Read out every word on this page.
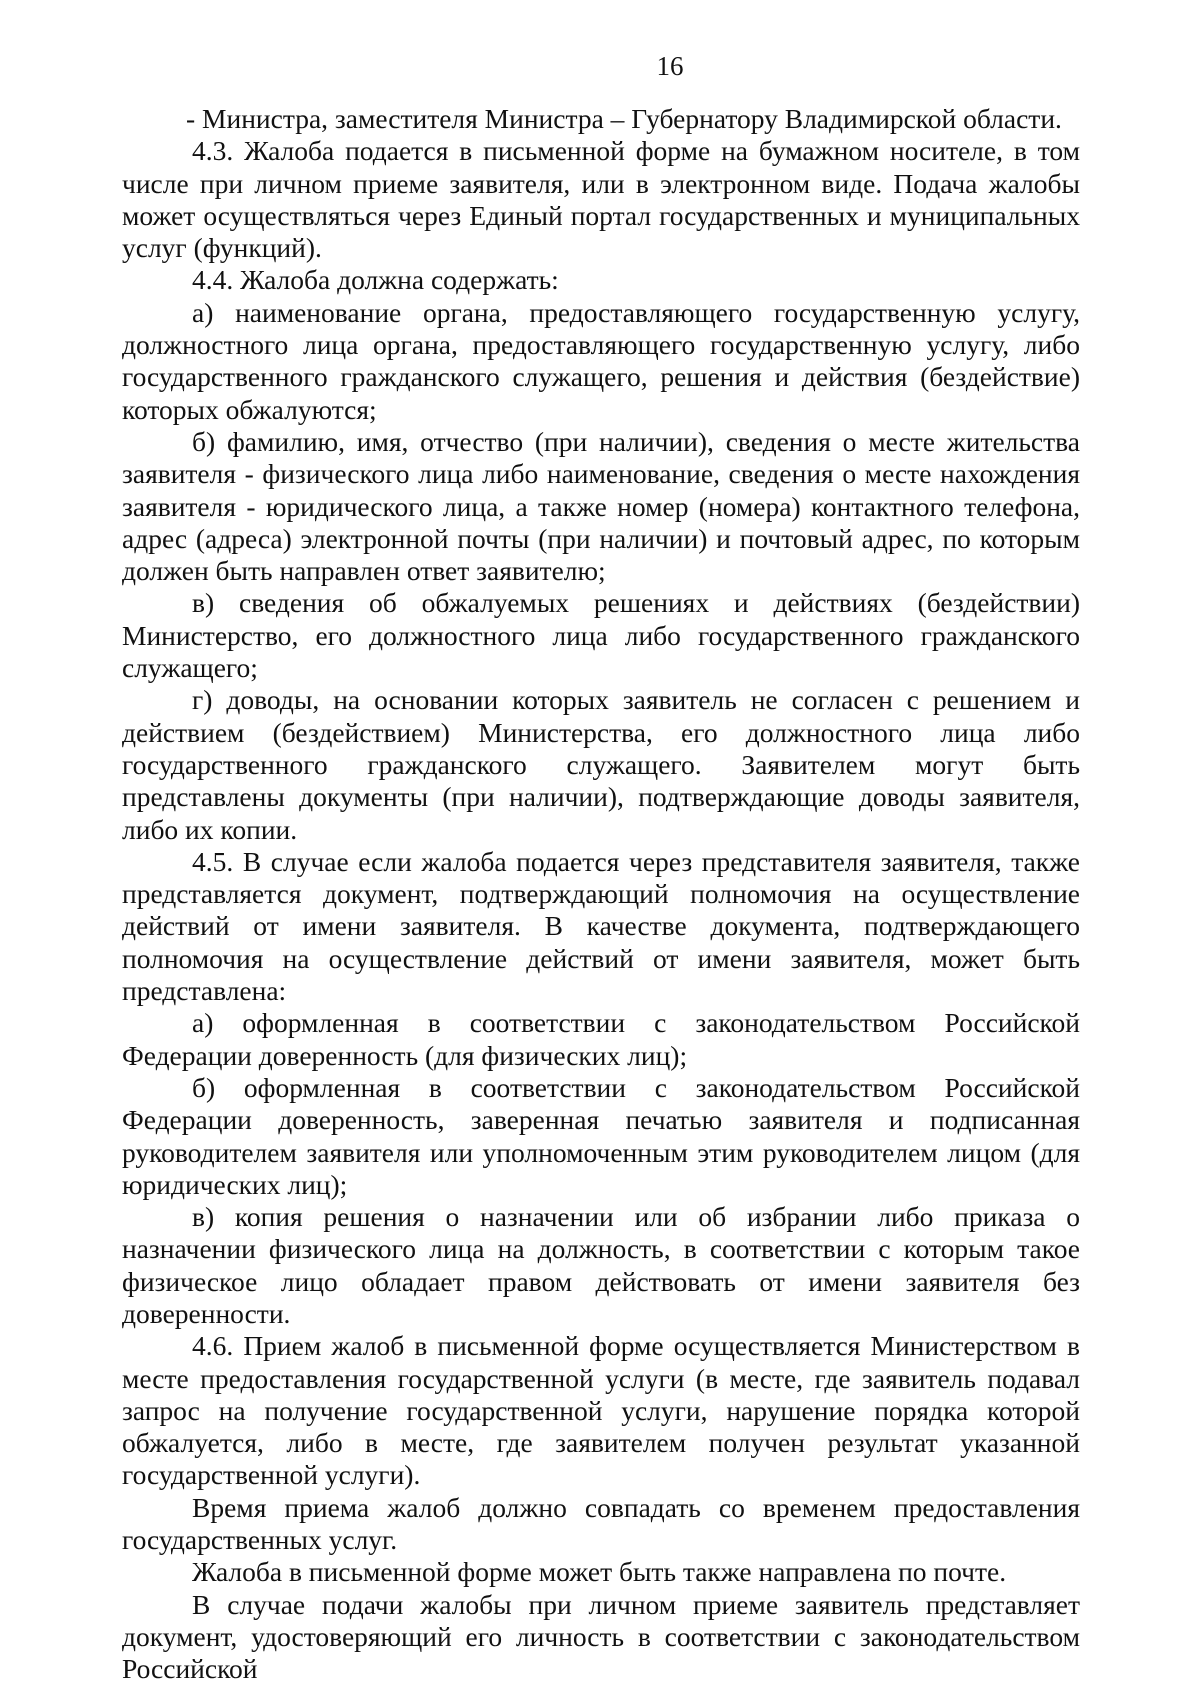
16

- Министра, заместителя Министра – Губернатору Владимирской области.

4.3. Жалоба подается в письменной форме на бумажном носителе, в том числе при личном приеме заявителя, или в электронном виде. Подача жалобы может осуществляться через Единый портал государственных и муниципальных услуг (функций).

4.4. Жалоба должна содержать:

а) наименование органа, предоставляющего государственную услугу, должностного лица органа, предоставляющего государственную услугу, либо государственного гражданского служащего, решения и действия (бездействие) которых обжалуются;

б) фамилию, имя, отчество (при наличии), сведения о месте жительства заявителя - физического лица либо наименование, сведения о месте нахождения заявителя - юридического лица, а также номер (номера) контактного телефона, адрес (адреса) электронной почты (при наличии) и почтовый адрес, по которым должен быть направлен ответ заявителю;

в) сведения об обжалуемых решениях и действиях (бездействии) Министерство, его должностного лица либо государственного гражданского служащего;

г) доводы, на основании которых заявитель не согласен с решением и действием (бездействием) Министерства, его должностного лица либо государственного гражданского служащего. Заявителем могут быть представлены документы (при наличии), подтверждающие доводы заявителя, либо их копии.

4.5. В случае если жалоба подается через представителя заявителя, также представляется документ, подтверждающий полномочия на осуществление действий от имени заявителя. В качестве документа, подтверждающего полномочия на осуществление действий от имени заявителя, может быть представлена:

а) оформленная в соответствии с законодательством Российской Федерации доверенность (для физических лиц);

б) оформленная в соответствии с законодательством Российской Федерации доверенность, заверенная печатью заявителя и подписанная руководителем заявителя или уполномоченным этим руководителем лицом (для юридических лиц);

в) копия решения о назначении или об избрании либо приказа о назначении физического лица на должность, в соответствии с которым такое физическое лицо обладает правом действовать от имени заявителя без доверенности.

4.6. Прием жалоб в письменной форме осуществляется Министерством в месте предоставления государственной услуги (в месте, где заявитель подавал запрос на получение государственной услуги, нарушение порядка которой обжалуется, либо в месте, где заявителем получен результат указанной государственной услуги).

Время приема жалоб должно совпадать со временем предоставления государственных услуг.

Жалоба в письменной форме может быть также направлена по почте.

В случае подачи жалобы при личном приеме заявитель представляет документ, удостоверяющий его личность в соответствии с законодательством Российской
